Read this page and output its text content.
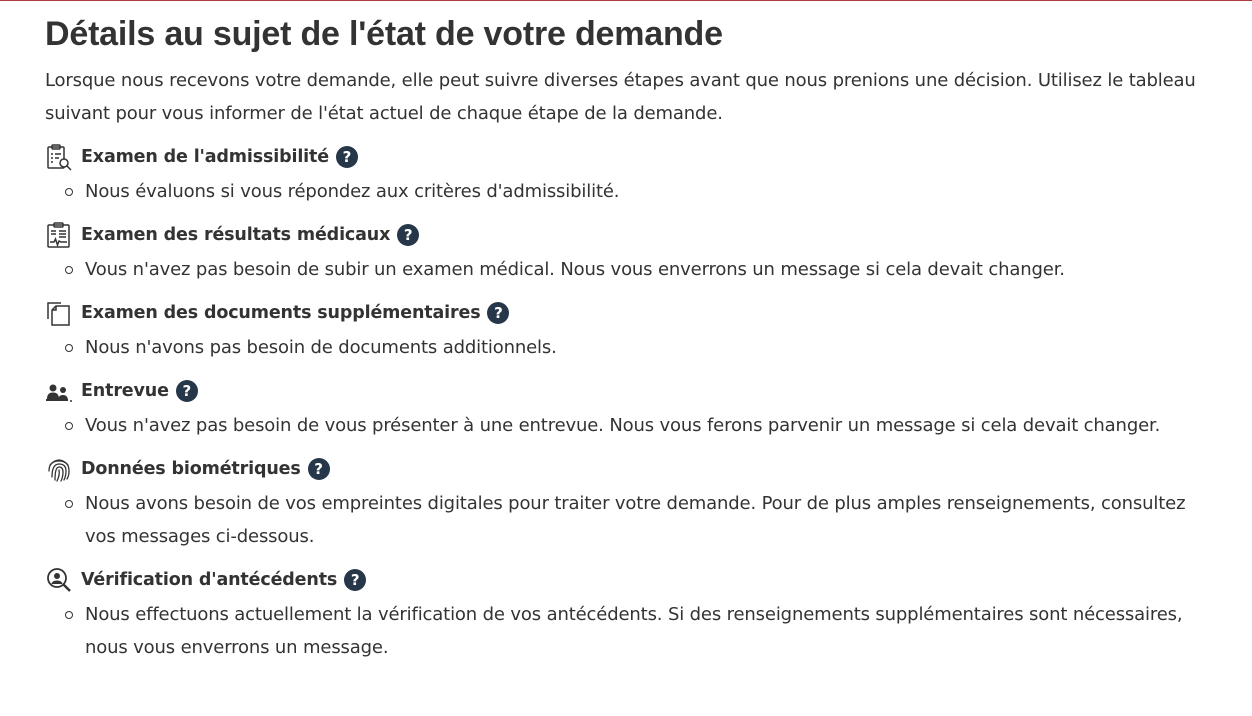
Détails au sujet de l'état de votre demande

Lorsque nous recevons votre demande, elle peut suivre diverses étapes avant que nous prenions une décision. Utilisez le tableau suivant pour vous informer de l'état actuel de chaque étape de la demande.

Examen de l'admissibilité ?
Nous évaluons si vous répondez aux critères d'admissibilité.
Examen des résultats médicaux ?
Vous n'avez pas besoin de subir un examen médical. Nous vous enverrons un message si cela devait changer.
Examen des documents supplémentaires ?
Nous n'avons pas besoin de documents additionnels.
Entrevue ?
Vous n'avez pas besoin de vous présenter à une entrevue. Nous vous ferons parvenir un message si cela devait changer.
Données biométriques ?
Nous avons besoin de vos empreintes digitales pour traiter votre demande. Pour de plus amples renseignements, consultez vos messages ci-dessous.
Vérification d'antécédents ?
Nous effectuons actuellement la vérification de vos antécédents. Si des renseignements supplémentaires sont nécessaires, nous vous enverrons un message.
